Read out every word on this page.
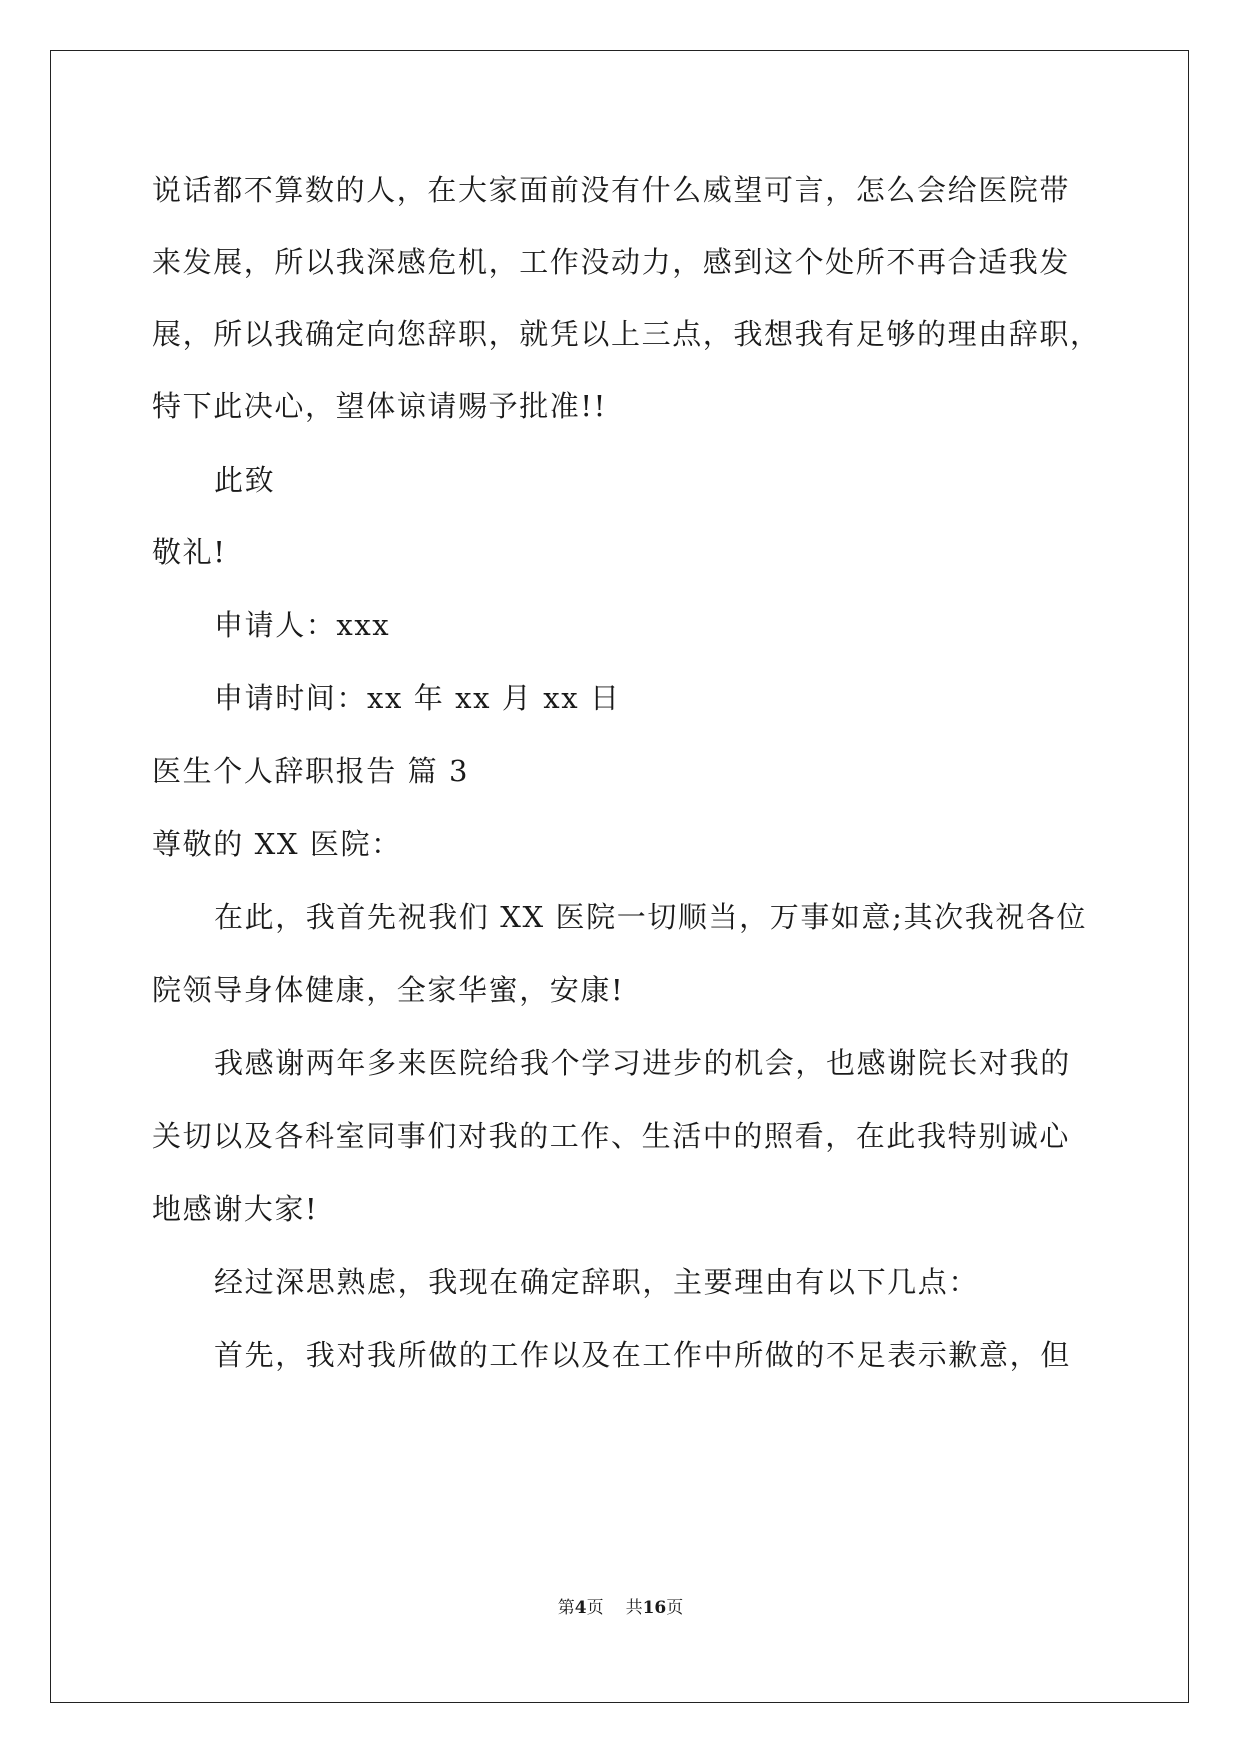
说话都不算数的人，在大家面前没有什么威望可言，怎么会给医院带
来发展，所以我深感危机，工作没动力，感到这个处所不再合适我发
展，所以我确定向您辞职，就凭以上三点，我想我有足够的理由辞职，
特下此决心，望体谅请赐予批准!!
此致
敬礼!
申请人：xxx
申请时间：xx 年 xx 月 xx 日
医生个人辞职报告 篇 3
尊敬的 XX 医院：
在此，我首先祝我们 XX 医院一切顺当，万事如意;其次我祝各位
院领导身体健康，全家华蜜，安康!
我感谢两年多来医院给我个学习进步的机会，也感谢院长对我的
关切以及各科室同事们对我的工作、生活中的照看，在此我特别诚心
地感谢大家!
经过深思熟虑，我现在确定辞职，主要理由有以下几点：
首先，我对我所做的工作以及在工作中所做的不足表示歉意，但
第4页 共16页
